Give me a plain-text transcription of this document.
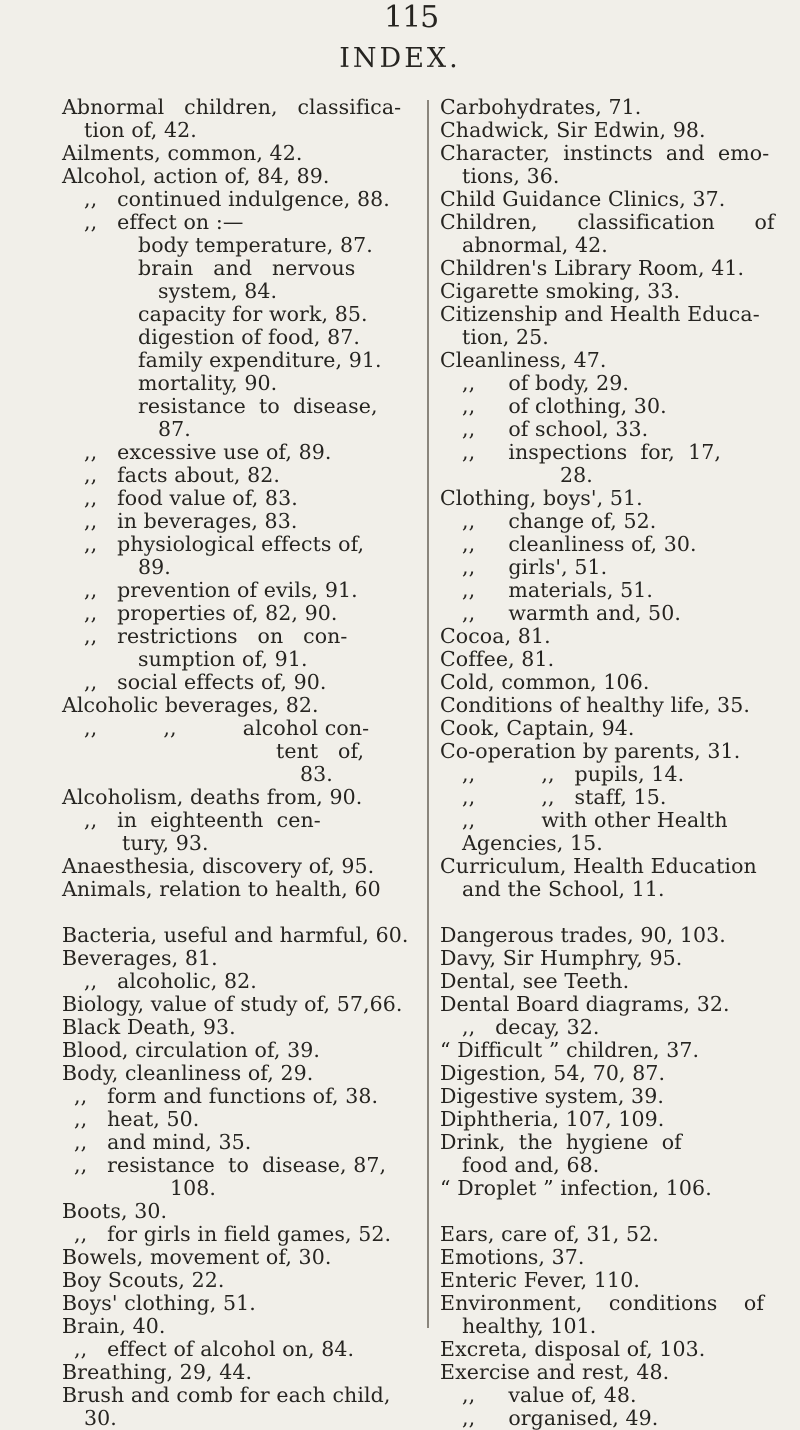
115
INDEX.
Abnormal   children,   classifica-
tion of, 42.
Ailments, common, 42.
Alcohol, action of, 84, 89.
,,   continued indulgence, 88.
,,   effect on :—
body temperature, 87.
brain   and   nervous
system, 84.
capacity for work, 85.
digestion of food, 87.
family expenditure, 91.
mortality, 90.
resistance  to  disease,
87.
,,   excessive use of, 89.
,,   facts about, 82.
,,   food value of, 83.
,,   in beverages, 83.
,,   physiological effects of,
89.
,,   prevention of evils, 91.
,,   properties of, 82, 90.
,,   restrictions   on   con-
sumption of, 91.
,,   social effects of, 90.
Alcoholic beverages, 82.
,,          ,,          alcohol con-
tent   of,
83.
Alcoholism, deaths from, 90.
,,   in  eighteenth  cen-
tury, 93.
Anaesthesia, discovery of, 95.
Animals, relation to health, 60
Bacteria, useful and harmful, 60.
Beverages, 81.
,,   alcoholic, 82.
Biology, value of study of, 57,66.
Black Death, 93.
Blood, circulation of, 39.
Body, cleanliness of, 29.
,,   form and functions of, 38.
,,   heat, 50.
,,   and mind, 35.
,,   resistance  to  disease, 87,
108.
Boots, 30.
,,   for girls in field games, 52.
Bowels, movement of, 30.
Boy Scouts, 22.
Boys' clothing, 51.
Brain, 40.
,,   effect of alcohol on, 84.
Breathing, 29, 44.
Brush and comb for each child,
30.
Carbohydrates, 71.
Chadwick, Sir Edwin, 98.
Character,  instincts  and  emo-
tions, 36.
Child Guidance Clinics, 37.
Children,      classification      of
abnormal, 42.
Children's Library Room, 41.
Cigarette smoking, 33.
Citizenship and Health Educa-
tion, 25.
Cleanliness, 47.
,,     of body, 29.
,,     of clothing, 30.
,,     of school, 33.
,,     inspections  for,  17,
28.
Clothing, boys', 51.
,,     change of, 52.
,,     cleanliness of, 30.
,,     girls', 51.
,,     materials, 51.
,,     warmth and, 50.
Cocoa, 81.
Coffee, 81.
Cold, common, 106.
Conditions of healthy life, 35.
Cook, Captain, 94.
Co-operation by parents, 31.
,,          ,,   pupils, 14.
,,          ,,   staff, 15.
,,          with other Health
Agencies, 15.
Curriculum, Health Education
and the School, 11.
Dangerous trades, 90, 103.
Davy, Sir Humphry, 95.
Dental, see Teeth.
Dental Board diagrams, 32.
,,   decay, 32.
“ Difficult ” children, 37.
Digestion, 54, 70, 87.
Digestive system, 39.
Diphtheria, 107, 109.
Drink,  the  hygiene  of
food and, 68.
“ Droplet ” infection, 106.
Ears, care of, 31, 52.
Emotions, 37.
Enteric Fever, 110.
Environment,    conditions    of
healthy, 101.
Excreta, disposal of, 103.
Exercise and rest, 48.
,,     value of, 48.
,,     organised, 49.
